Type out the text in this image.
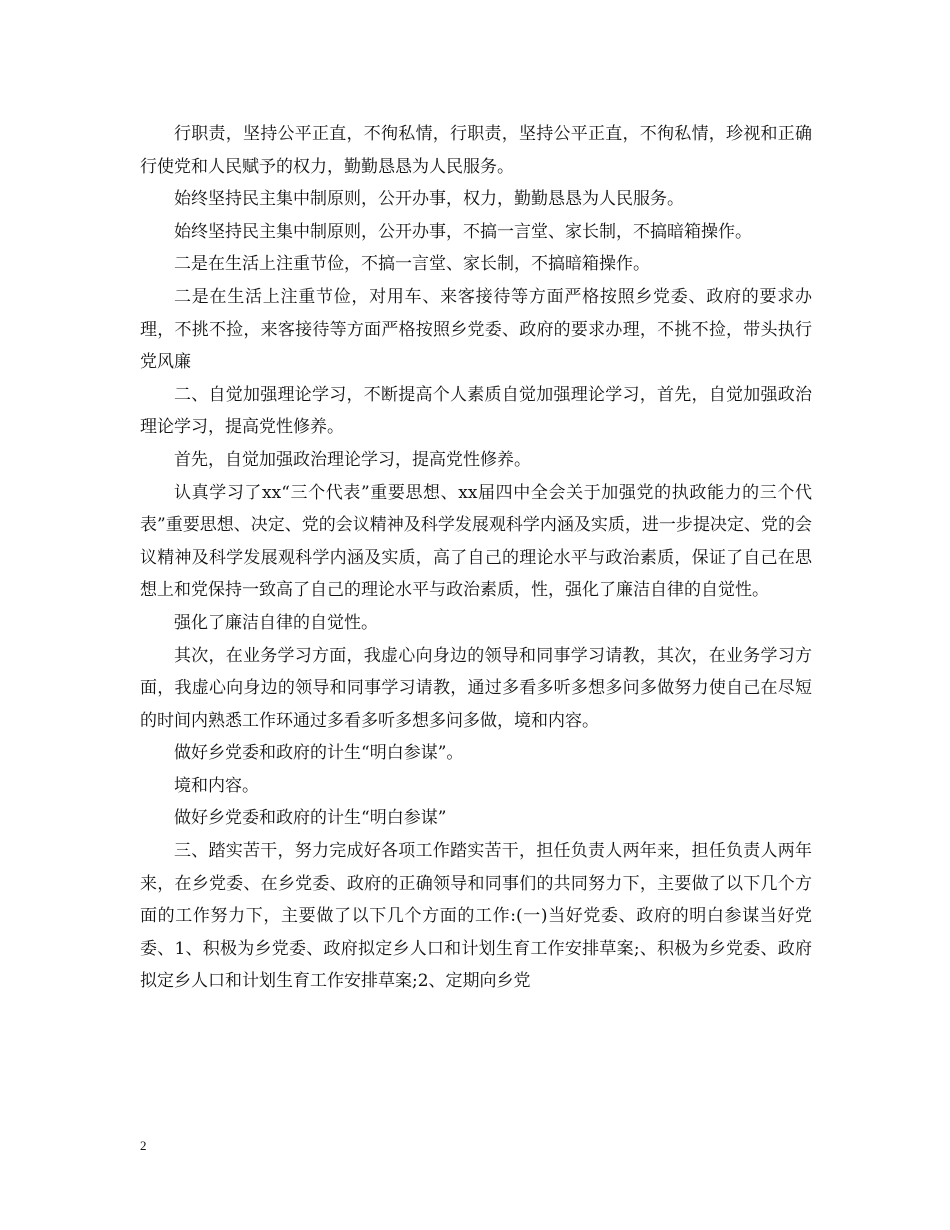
行职责，坚持公平正直，不徇私情，行职责，坚持公平正直，不徇私情，珍视和正确行使党和人民赋予的权力，勤勤恳恳为人民服务。

始终坚持民主集中制原则，公开办事，权力，勤勤恳恳为人民服务。

始终坚持民主集中制原则，公开办事，不搞一言堂、家长制，不搞暗箱操作。

二是在生活上注重节俭，不搞一言堂、家长制，不搞暗箱操作。

二是在生活上注重节俭，对用车、来客接待等方面严格按照乡党委、政府的要求办理，不挑不捡，来客接待等方面严格按照乡党委、政府的要求办理，不挑不捡，带头执行党风廉

二、自觉加强理论学习，不断提高个人素质自觉加强理论学习，首先，自觉加强政治理论学习，提高党性修养。

首先，自觉加强政治理论学习，提高党性修养。

认真学习了xx“三个代表”重要思想、xx届四中全会关于加强党的执政能力的三个代表”重要思想、决定、党的会议精神及科学发展观科学内涵及实质，进一步提决定、党的会议精神及科学发展观科学内涵及实质，高了自己的理论水平与政治素质，保证了自己在思想上和党保持一致高了自己的理论水平与政治素质，性，强化了廉洁自律的自觉性。

强化了廉洁自律的自觉性。

其次，在业务学习方面，我虚心向身边的领导和同事学习请教，其次，在业务学习方面，我虚心向身边的领导和同事学习请教，通过多看多听多想多问多做努力使自己在尽短的时间内熟悉工作环通过多看多听多想多问多做，境和内容。

做好乡党委和政府的计生“明白参谋”。

境和内容。

做好乡党委和政府的计生“明白参谋”

三、踏实苦干，努力完成好各项工作踏实苦干，担任负责人两年来，担任负责人两年来，在乡党委、在乡党委、政府的正确领导和同事们的共同努力下，主要做了以下几个方面的工作努力下，主要做了以下几个方面的工作:(一)当好党委、政府的明白参谋当好党委、1、积极为乡党委、政府拟定乡人口和计划生育工作安排草案;、积极为乡党委、政府拟定乡人口和计划生育工作安排草案;2、定期向乡党

2
